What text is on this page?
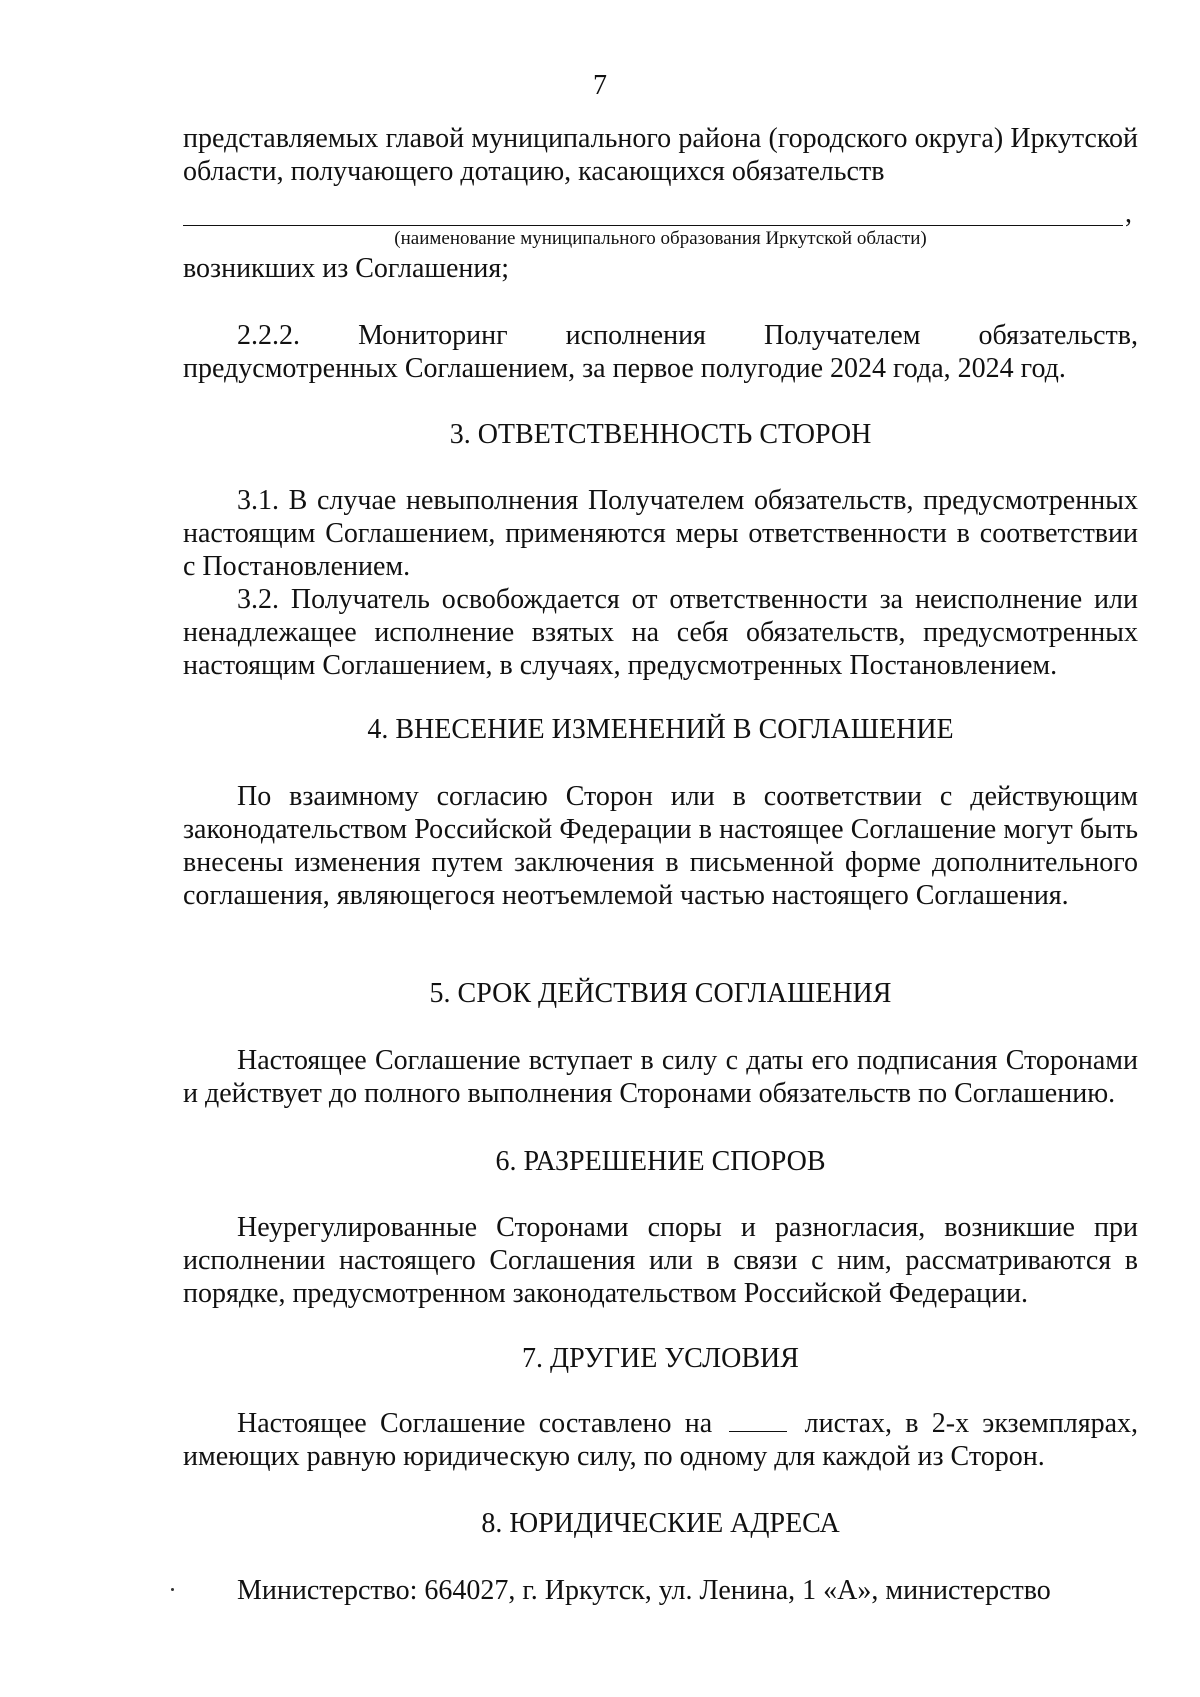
7

представляемых главой муниципального района (городского округа) Иркутской области, получающего дотацию, касающихся обязательств

,

(наименование муниципального образования Иркутской области)

возникших из Соглашения;

2.2.2. Мониторинг исполнения Получателем обязательств, предусмотренных Соглашением, за первое полугодие 2024 года, 2024 год.

3. ОТВЕТСТВЕННОСТЬ СТОРОН

3.1. В случае невыполнения Получателем обязательств, предусмотренных настоящим Соглашением, применяются меры ответственности в соответствии с Постановлением.

3.2. Получатель освобождается от ответственности за неисполнение или ненадлежащее исполнение взятых на себя обязательств, предусмотренных настоящим Соглашением, в случаях, предусмотренных Постановлением.

4. ВНЕСЕНИЕ ИЗМЕНЕНИЙ В СОГЛАШЕНИЕ

По взаимному согласию Сторон или в соответствии с действующим законодательством Российской Федерации в настоящее Соглашение могут быть внесены изменения путем заключения в письменной форме дополнительного соглашения, являющегося неотъемлемой частью настоящего Соглашения.

5. СРОК ДЕЙСТВИЯ СОГЛАШЕНИЯ

Настоящее Соглашение вступает в силу с даты его подписания Сторонами и действует до полного выполнения Сторонами обязательств по Соглашению.

6. РАЗРЕШЕНИЕ СПОРОВ

Неурегулированные Сторонами споры и разногласия, возникшие при исполнении настоящего Соглашения или в связи с ним, рассматриваются в порядке, предусмотренном законодательством Российской Федерации.

7. ДРУГИЕ УСЛОВИЯ

Настоящее Соглашение составлено на	листах, в 2-х экземплярах, имеющих равную юридическую силу, по одному для каждой из Сторон.

8. ЮРИДИЧЕСКИЕ АДРЕСА

Министерство: 664027, г. Иркутск, ул. Ленина, 1 «А», министерство
